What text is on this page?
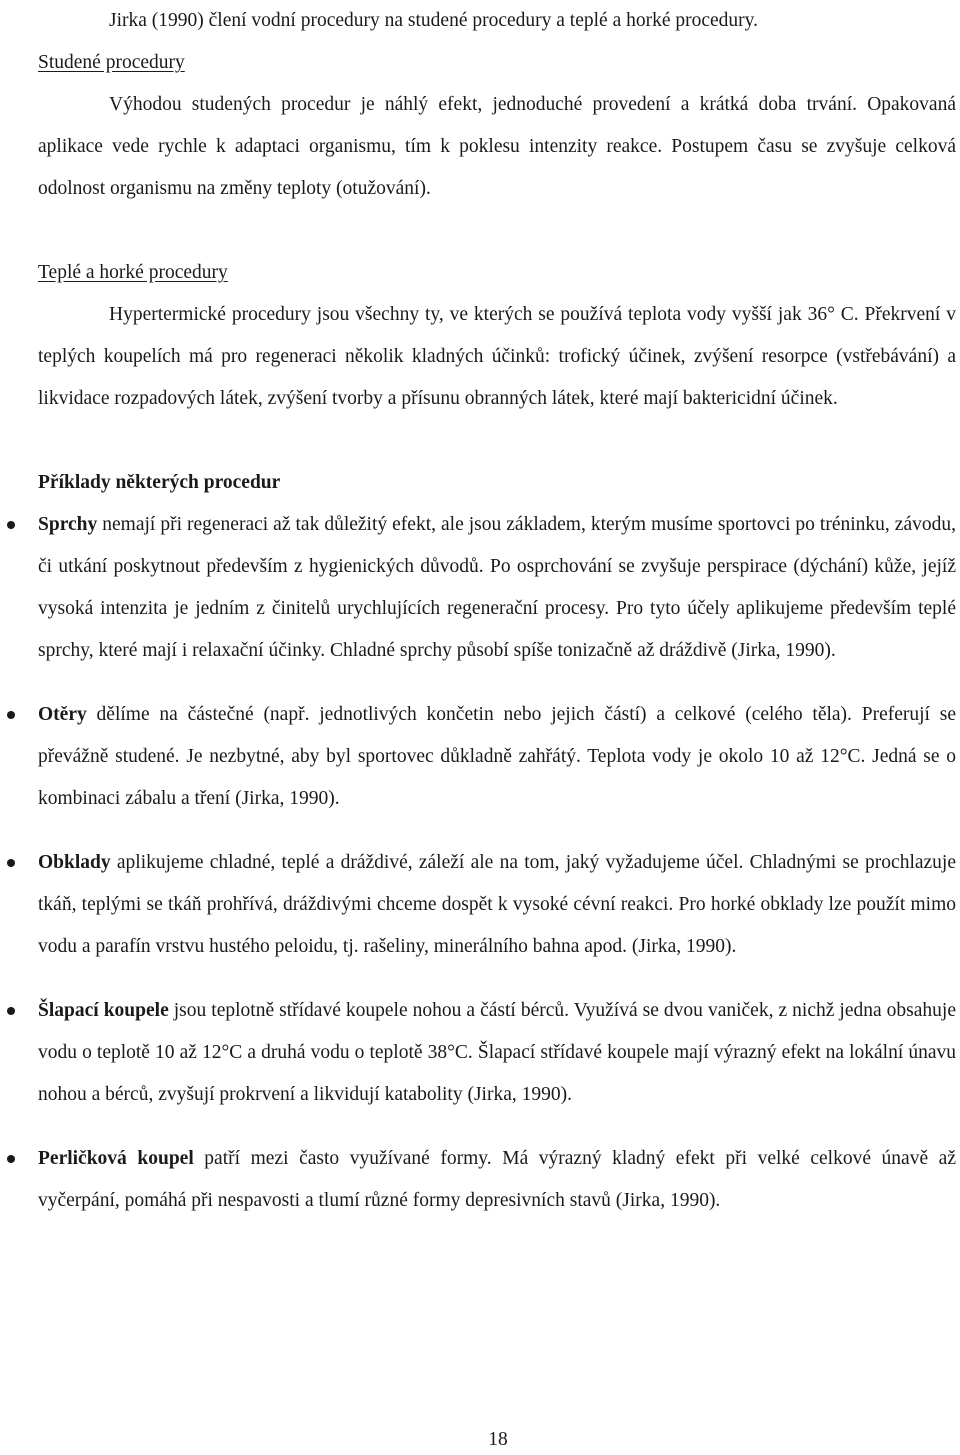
Jirka (1990) člení vodní procedury na studené procedury a teplé a horké procedury.

Studené procedury

Výhodou studených procedur je náhlý efekt, jednoduché provedení a krátká doba trvání. Opakovaná aplikace vede rychle k adaptaci organismu, tím k poklesu intenzity reakce. Postupem času se zvyšuje celková odolnost organismu na změny teploty (otužování).

Teplé a horké procedury

Hypertermické procedury jsou všechny ty, ve kterých se používá teplota vody vyšší jak 36° C. Překrvení v teplých koupelích má pro regeneraci několik kladných účinků: trofický účinek, zvýšení resorpce (vstřebávání) a likvidace rozpadových látek, zvýšení tvorby a přísunu obranných látek, které mají baktericidní účinek.

Příklady některých procedur

Sprchy nemají při regeneraci až tak důležitý efekt, ale jsou základem, kterým musíme sportovci po tréninku, závodu, či utkání poskytnout především z hygienických důvodů. Po osprchování se zvyšuje perspirace (dýchání) kůže, jejíž vysoká intenzita je jedním z činitelů urychlujících regenerační procesy. Pro tyto účely aplikujeme především teplé sprchy, které mají i relaxační účinky. Chladné sprchy působí spíše tonizačně až dráždivě (Jirka, 1990).

Otěry dělíme na částečné (např. jednotlivých končetin nebo jejich částí) a celkové (celého těla). Preferují se převážně studené. Je nezbytné, aby byl sportovec důkladně zahřátý. Teplota vody je okolo 10 až 12°C. Jedná se o kombinaci zábalu a tření (Jirka, 1990).

Obklady aplikujeme chladné, teplé a dráždivé, záleží ale na tom, jaký vyžadujeme účel. Chladnými se prochlazuje tkáň, teplými se tkáň prohřívá, dráždivými chceme dospět k vysoké cévní reakci. Pro horké obklady lze použít mimo vodu a parafín vrstvu hustého peloidu, tj. rašeliny, minerálního bahna apod. (Jirka, 1990).

Šlapací koupele jsou teplotně střídavé koupele nohou a částí bérců. Využívá se dvou vaniček, z nichž jedna obsahuje vodu o teplotě 10 až 12°C a druhá vodu o teplotě 38°C. Šlapací střídavé koupele mají výrazný efekt na lokální únavu nohou a bérců, zvyšují prokrvení a likvidují katabolity (Jirka, 1990).

Perličková koupel patří mezi často využívané formy. Má výrazný kladný efekt při velké celkové únavě až vyčerpání, pomáhá při nespavosti a tlumí různé formy depresivních stavů (Jirka, 1990).

18
